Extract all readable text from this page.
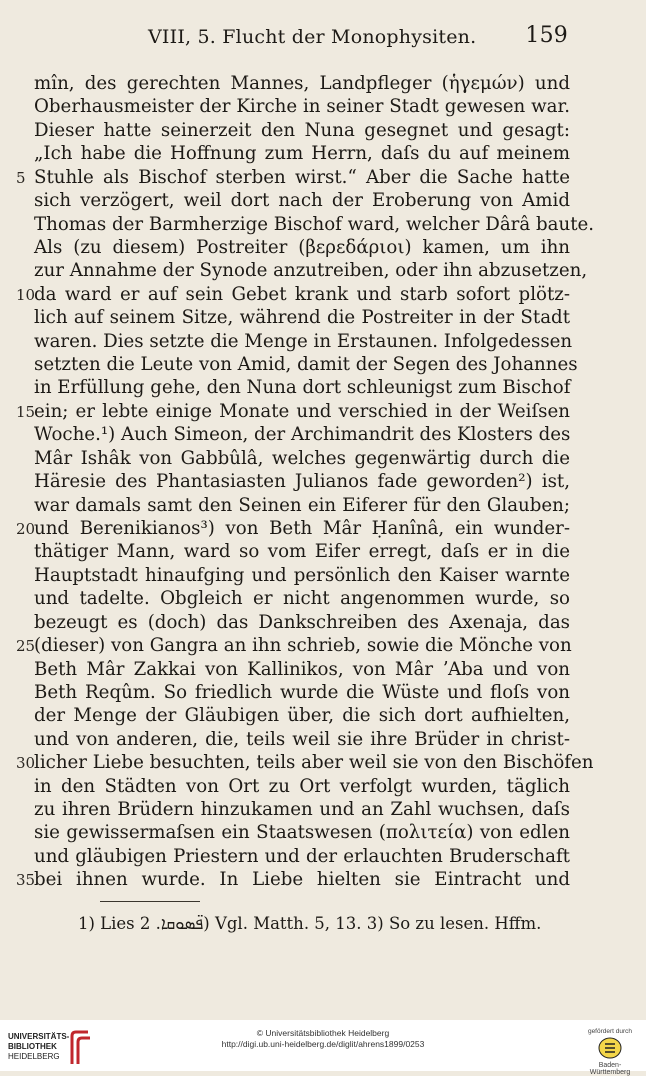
VIII, 5. Flucht der Monophysiten. 159
mîn, des gerechten Mannes, Landpfleger (ἡγεμών) und
Oberhausmeister der Kirche in seiner Stadt gewesen war.
Dieser hatte seinerzeit den Nuna gesegnet und gesagt:
„Ich habe die Hoffnung zum Herrn, daſs du auf meinem
5 Stuhle als Bischof sterben wirst.“ Aber die Sache hatte
sich verzögert, weil dort nach der Eroberung von Amid
Thomas der Barmherzige Bischof ward, welcher Dârâ baute.
Als (zu diesem) Postreiter (βερεδάριοι) kamen, um ihn
zur Annahme der Synode anzutreiben, oder ihn abzusetzen,
10
da ward er auf sein Gebet krank und starb sofort plötz-
lich auf seinem Sitze, während die Postreiter in der Stadt
waren. Dies setzte die Menge in Erstaunen. Infolgedessen
setzten die Leute von Amid, damit der Segen des Johannes
in Erfüllung gehe, den Nuna dort schleunigst zum Bischof
15
ein; er lebte einige Monate und verschied in der Weiſsen
Woche.¹) Auch Simeon, der Archimandrit des Klosters des
Mâr Ishâk von Gabbûlâ, welches gegenwärtig durch die
Häresie des Phantasiasten Julianos fade geworden²) ist,
war damals samt den Seinen ein Eiferer für den Glauben;
20
und Berenikianos³) von Beth Mâr Ḥanînâ, ein wunder-
thätiger Mann, ward so vom Eifer erregt, daſs er in die
Hauptstadt hinaufging und persönlich den Kaiser warnte
und tadelte. Obgleich er nicht angenommen wurde, so
bezeugt es (doch) das Dankschreiben des Axenaja, das
25
(dieser) von Gangra an ihn schrieb, sowie die Mönche von
Beth Mâr Zakkai von Kallinikos, von Mâr ʼAba und von
Beth Reqûm. So friedlich wurde die Wüste und floſs von
der Menge der Gläubigen über, die sich dort aufhielten,
und von anderen, die, teils weil sie ihre Brüder in christ-
30
licher Liebe besuchten, teils aber weil sie von den Bischöfen
in den Städten von Ort zu Ort verfolgt wurden, täglich
zu ihren Brüdern hinzukamen und an Zahl wuchsen, daſs
sie gewissermaſsen ein Staatswesen (πολιτεία) von edlen
und gläubigen Priestern und der erlauchten Bruderschaft
35
bei ihnen wurde. In Liebe hielten sie Eintracht und
1) Lies ܦ̈ܣܘܩܐ. 2) Vgl. Matth. 5, 13. 3) So zu lesen. Hffm.
UNIVERSITÄTS-
BIBLIOTHEK
HEIDELBERG
© Universitätsbibliothek Heidelberg
http://digi.ub.uni-heidelberg.de/diglit/ahrens1899/0253
gefördert durch
Baden-Württemberg
